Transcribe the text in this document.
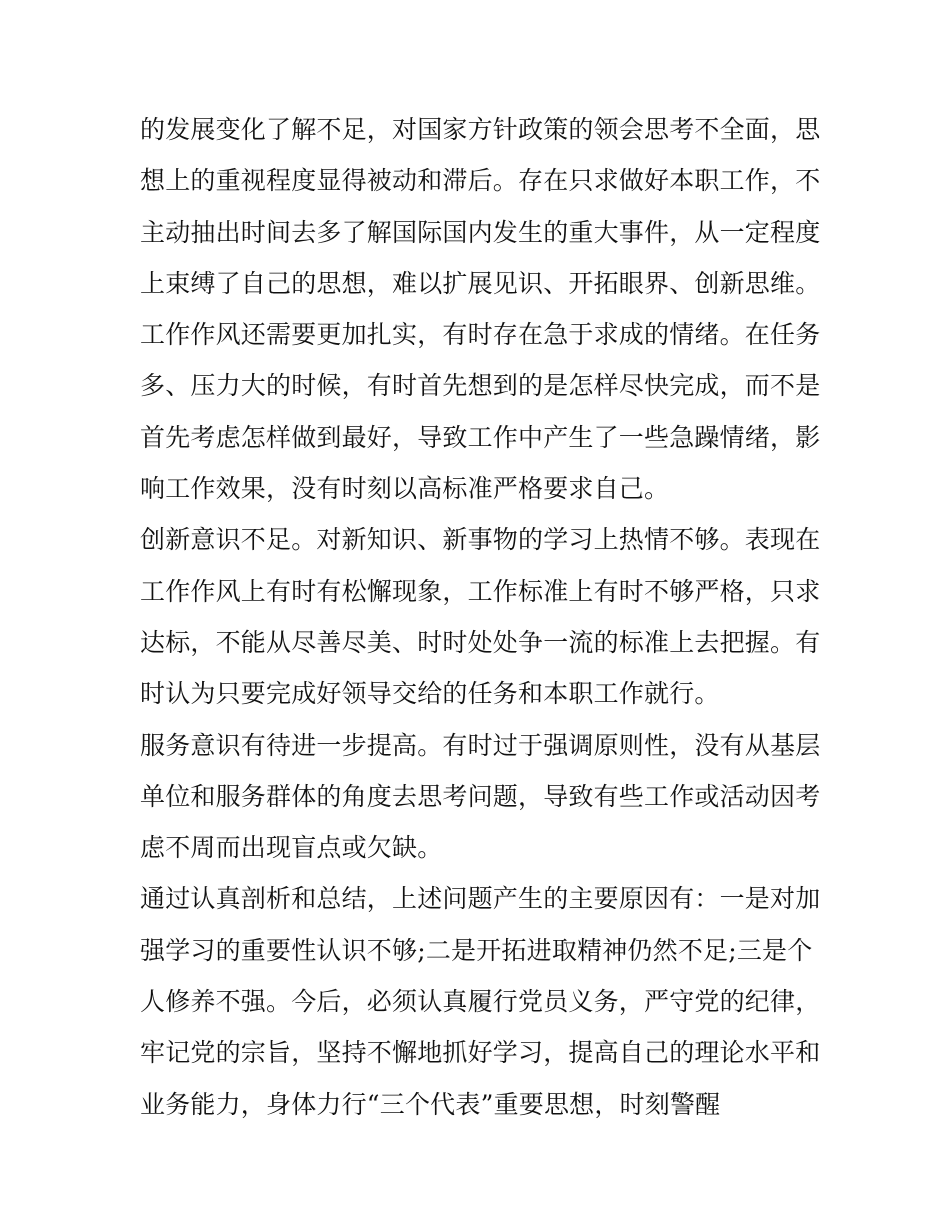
的发展变化了解不足，对国家方针政策的领会思考不全面，思
想上的重视程度显得被动和滞后。存在只求做好本职工作，不
主动抽出时间去多了解国际国内发生的重大事件，从一定程度
上束缚了自己的思想，难以扩展见识、开拓眼界、创新思维。
工作作风还需要更加扎实，有时存在急于求成的情绪。在任务
多、压力大的时候，有时首先想到的是怎样尽快完成，而不是
首先考虑怎样做到最好，导致工作中产生了一些急躁情绪，影
响工作效果，没有时刻以高标准严格要求自己。
创新意识不足。对新知识、新事物的学习上热情不够。表现在
工作作风上有时有松懈现象，工作标准上有时不够严格，只求
达标，不能从尽善尽美、时时处处争一流的标准上去把握。有
时认为只要完成好领导交给的任务和本职工作就行。
服务意识有待进一步提高。有时过于强调原则性，没有从基层
单位和服务群体的角度去思考问题，导致有些工作或活动因考
虑不周而出现盲点或欠缺。
通过认真剖析和总结，上述问题产生的主要原因有：一是对加
强学习的重要性认识不够;二是开拓进取精神仍然不足;三是个
人修养不强。今后，必须认真履行党员义务，严守党的纪律，
牢记党的宗旨，坚持不懈地抓好学习，提高自己的理论水平和
业务能力，身体力行“三个代表”重要思想，时刻警醒
